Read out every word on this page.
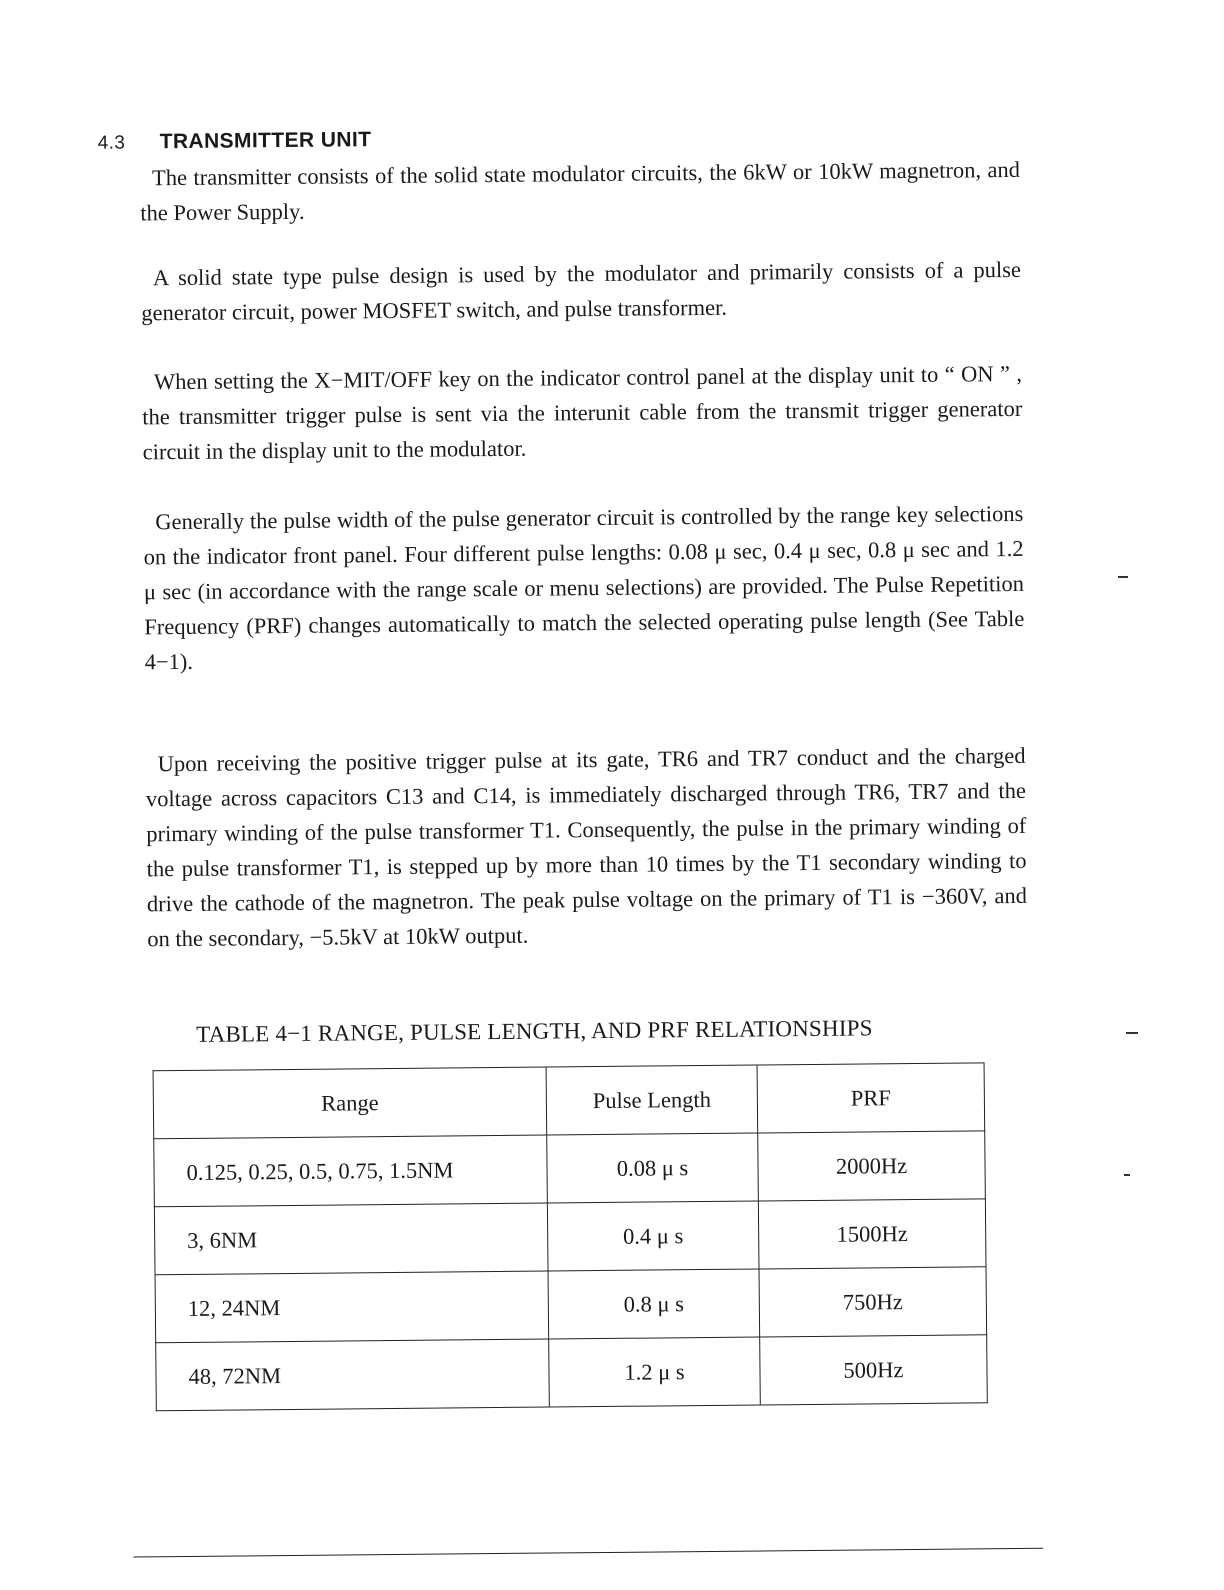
4.3 TRANSMITTER UNIT

The transmitter consists of the solid state modulator circuits, the 6kW or 10kW magnetron, and the Power Supply.

A solid state type pulse design is used by the modulator and primarily consists of a pulse generator circuit, power MOSFET switch, and pulse transformer.

When setting the X−MIT/OFF key on the indicator control panel at the display unit to “ ON ” , the transmitter trigger pulse is sent via the interunit cable from the transmit trigger generator circuit in the display unit to the modulator.

Generally the pulse width of the pulse generator circuit is controlled by the range key selections on the indicator front panel. Four different pulse lengths: 0.08 μ sec, 0.4 μ sec, 0.8 μ sec and 1.2 μ sec (in accordance with the range scale or menu selections) are provided. The Pulse Repetition Frequency (PRF) changes automatically to match the selected operating pulse length (See Table 4−1).

Upon receiving the positive trigger pulse at its gate, TR6 and TR7 conduct and the charged voltage across capacitors C13 and C14, is immediately discharged through TR6, TR7 and the primary winding of the pulse transformer T1. Consequently, the pulse in the primary winding of the pulse transformer T1, is stepped up by more than 10 times by the T1 secondary winding to drive the cathode of the magnetron. The peak pulse voltage on the primary of T1 is −360V, and on the secondary, −5.5kV at 10kW output.

TABLE 4−1 RANGE, PULSE LENGTH, AND PRF RELATIONSHIPS
Range	Pulse Length	PRF
0.125, 0.25, 0.5, 0.75, 1.5NM	0.08 μ s	2000Hz
3, 6NM	0.4 μ s	1500Hz
12, 24NM	0.8 μ s	750Hz
48, 72NM	1.2 μ s	500Hz
